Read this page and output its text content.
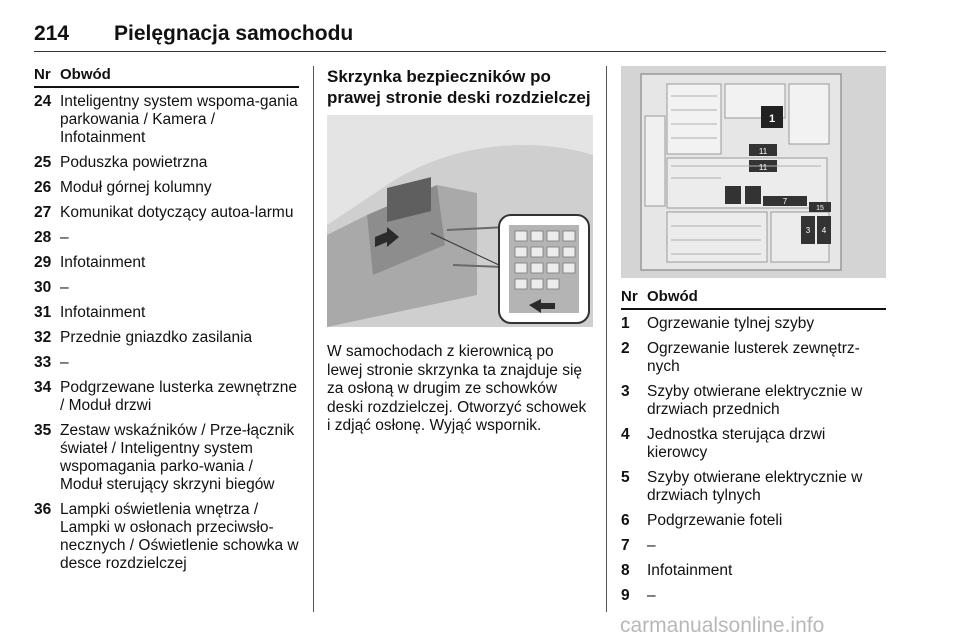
214 Pielęgnacja samochodu
Nr Obwód
24 Inteligentny system wspoma-gania parkowania / Kamera / Infotainment
25 Poduszka powietrzna
26 Moduł górnej kolumny
27 Komunikat dotyczący autoa-larmu
28 –
29 Infotainment
30 –
31 Infotainment
32 Przednie gniazdko zasilania
33 –
34 Podgrzewane lusterka zewnętrzne / Moduł drzwi
35 Zestaw wskaźników / Prze-łącznik świateł / Inteligentny system wspomagania parko-wania / Moduł sterujący skrzyni biegów
36 Lampki oświetlenia wnętrza / Lampki w osłonach przeciwsło-necznych / Oświetlenie schowka w desce rozdzielczej
Skrzynka bezpieczników po prawej stronie deski rozdzielczej

W samochodach z kierownicą po lewej stronie skrzynka ta znajduje się za osłoną w drugim ze schowków deski rozdzielczej. Otworzyć schowek i zdjąć osłonę. Wyjąć wspornik.

1
11
11
7
15
3 4
Nr Obwód
1	Ogrzewanie tylnej szyby
2	Ogrzewanie lusterek zewnętrz-nych
3	Szyby otwierane elektrycznie w drzwiach przednich
4	Jednostka sterująca drzwi kierowcy
5	Szyby otwierane elektrycznie w drzwiach tylnych
6	Podgrzewanie foteli
7	–
8	Infotainment
9	–
carmanualsonline.info
